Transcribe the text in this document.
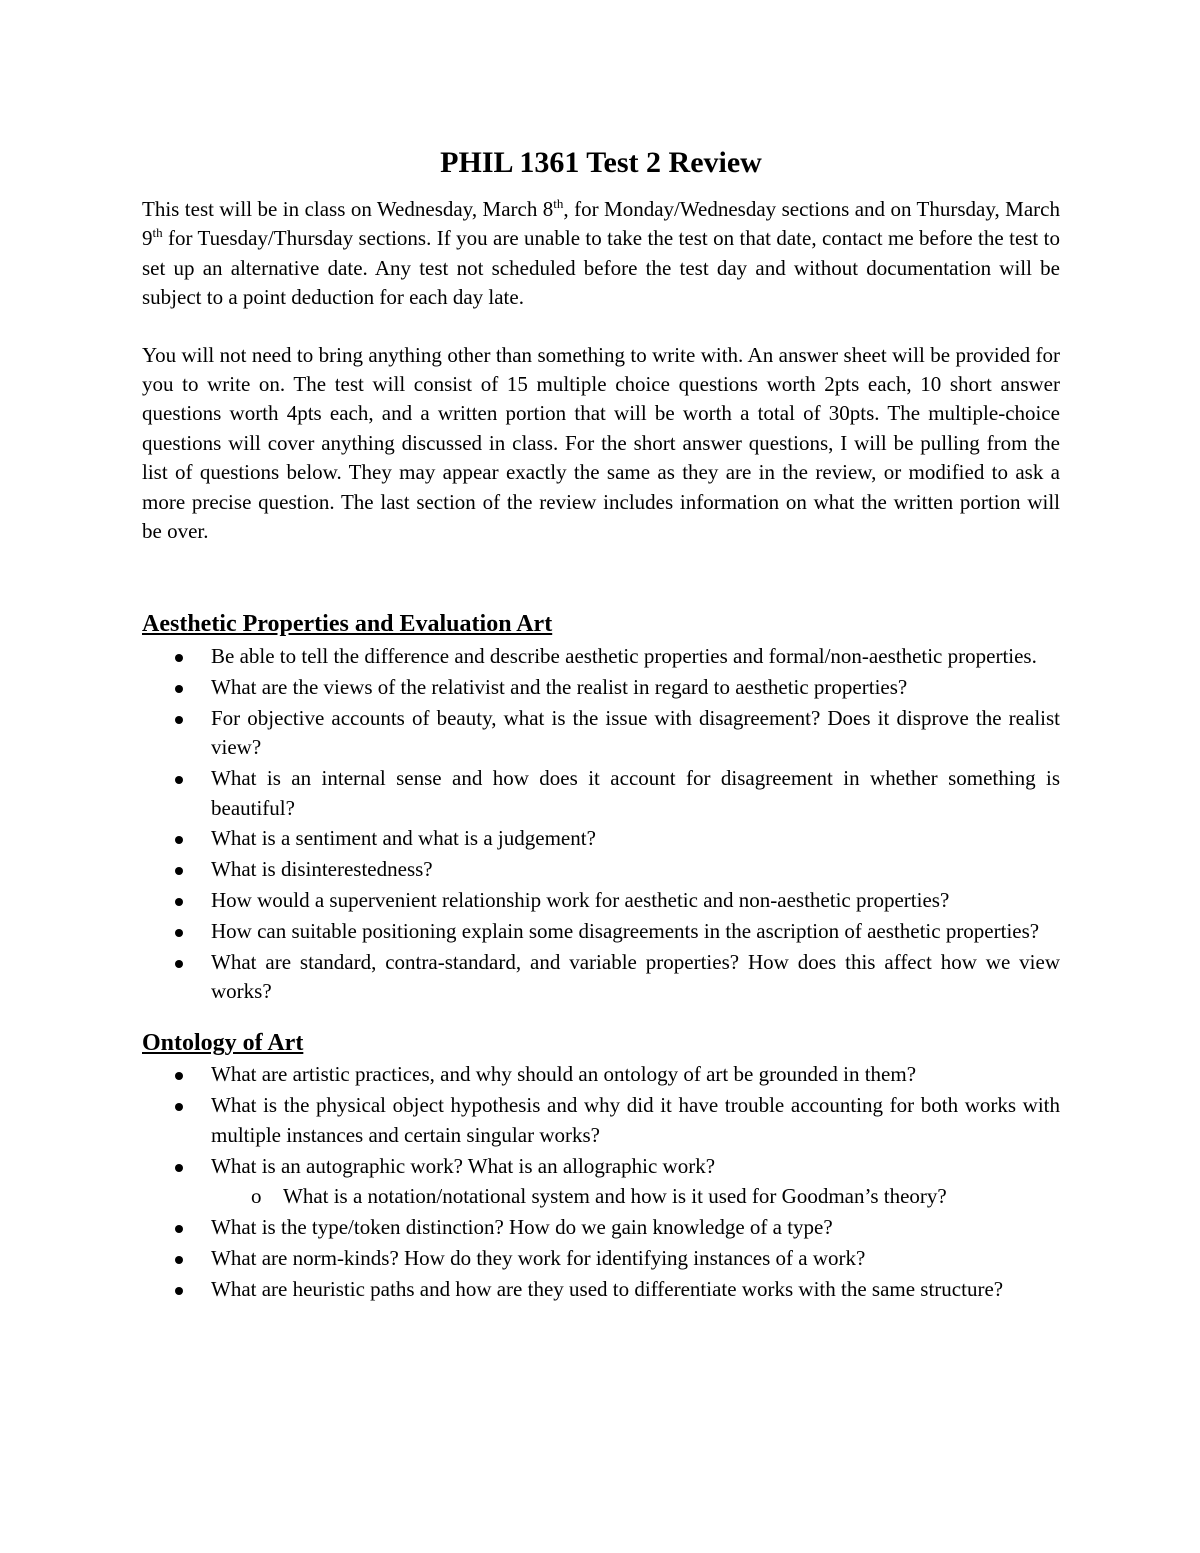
PHIL 1361 Test 2 Review

This test will be in class on Wednesday, March 8th, for Monday/Wednesday sections and on Thursday, March 9th for Tuesday/Thursday sections. If you are unable to take the test on that date, contact me before the test to set up an alternative date. Any test not scheduled before the test day and without documentation will be subject to a point deduction for each day late.

You will not need to bring anything other than something to write with. An answer sheet will be provided for you to write on. The test will consist of 15 multiple choice questions worth 2pts each, 10 short answer questions worth 4pts each, and a written portion that will be worth a total of 30pts. The multiple-choice questions will cover anything discussed in class. For the short answer questions, I will be pulling from the list of questions below. They may appear exactly the same as they are in the review, or modified to ask a more precise question. The last section of the review includes information on what the written portion will be over.

Aesthetic Properties and Evaluation Art
Be able to tell the difference and describe aesthetic properties and formal/non-aesthetic properties.
What are the views of the relativist and the realist in regard to aesthetic properties?
For objective accounts of beauty, what is the issue with disagreement? Does it disprove the realist view?
What is an internal sense and how does it account for disagreement in whether something is beautiful?
What is a sentiment and what is a judgement?
What is disinterestedness?
How would a supervenient relationship work for aesthetic and non-aesthetic properties?
How can suitable positioning explain some disagreements in the ascription of aesthetic properties?
What are standard, contra-standard, and variable properties? How does this affect how we view works?
Ontology of Art
What are artistic practices, and why should an ontology of art be grounded in them?
What is the physical object hypothesis and why did it have trouble accounting for both works with multiple instances and certain singular works?
What is an autographic work? What is an allographic work?
o What is a notation/notational system and how is it used for Goodman’s theory?
What is the type/token distinction? How do we gain knowledge of a type?
What are norm-kinds? How do they work for identifying instances of a work?
What are heuristic paths and how are they used to differentiate works with the same structure?
